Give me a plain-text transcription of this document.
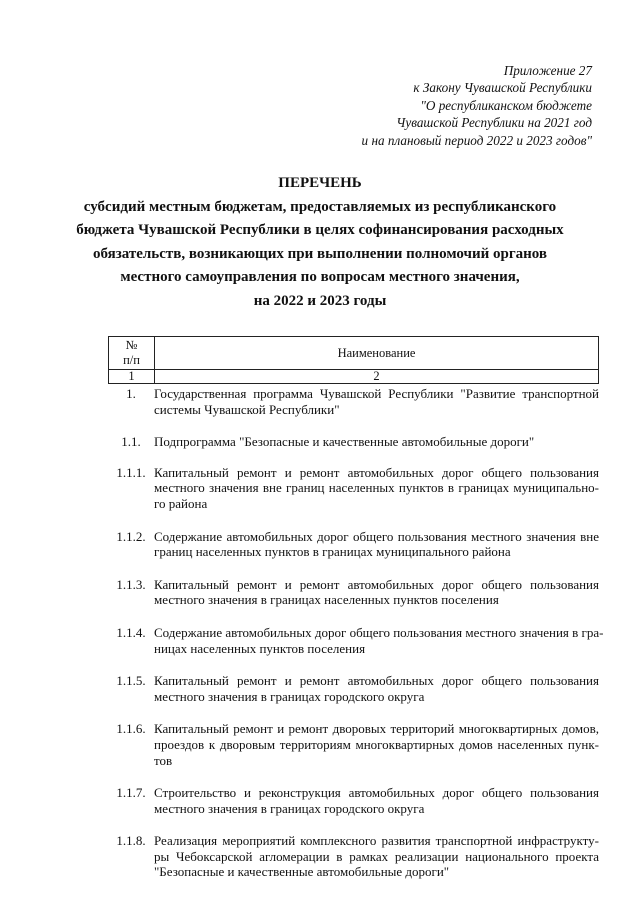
Приложение 27
к Закону Чувашской Республики
"О республиканском бюджете
Чувашской Республики на 2021 год
и на плановый период 2022 и 2023 годов"
ПЕРЕЧЕНЬ
субсидий местным бюджетам, предоставляемых из республиканского
бюджета Чувашской Республики в целях софинансирования расходных
обязательств, возникающих при выполнении полномочий органов
местного самоуправления по вопросам местного значения,
на 2022 и 2023 годы
№
п/п	Наименование
1	2
1.	Государственная программа Чувашской Республики "Развитие транспортной
системы Чувашской Республики"
1.1.	Подпрограмма "Безопасные и качественные автомобильные дороги"
1.1.1. Капитальный ремонт и ремонт автомобильных дорог общего пользования
местного значения вне границ населенных пунктов в границах муниципально-
го района
1.1.2. Содержание автомобильных дорог общего пользования местного значения вне
границ населенных пунктов в границах муниципального района
1.1.3. Капитальный ремонт и ремонт автомобильных дорог общего пользования
местного значения в границах населенных пунктов поселения
1.1.4. Содержание автомобильных дорог общего пользования местного значения в гра-
ницах населенных пунктов поселения
1.1.5. Капитальный ремонт и ремонт автомобильных дорог общего пользования
местного значения в границах городского округа
1.1.6. Капитальный ремонт и ремонт дворовых территорий многоквартирных домов,
проездов к дворовым территориям многоквартирных домов населенных пунк-
тов
1.1.7. Строительство и реконструкция автомобильных дорог общего пользования
местного значения в границах городского округа
1.1.8. Реализация мероприятий комплексного развития транспортной инфраструкту-
ры Чебоксарской агломерации в рамках реализации национального проекта
"Безопасные и качественные автомобильные дороги"
